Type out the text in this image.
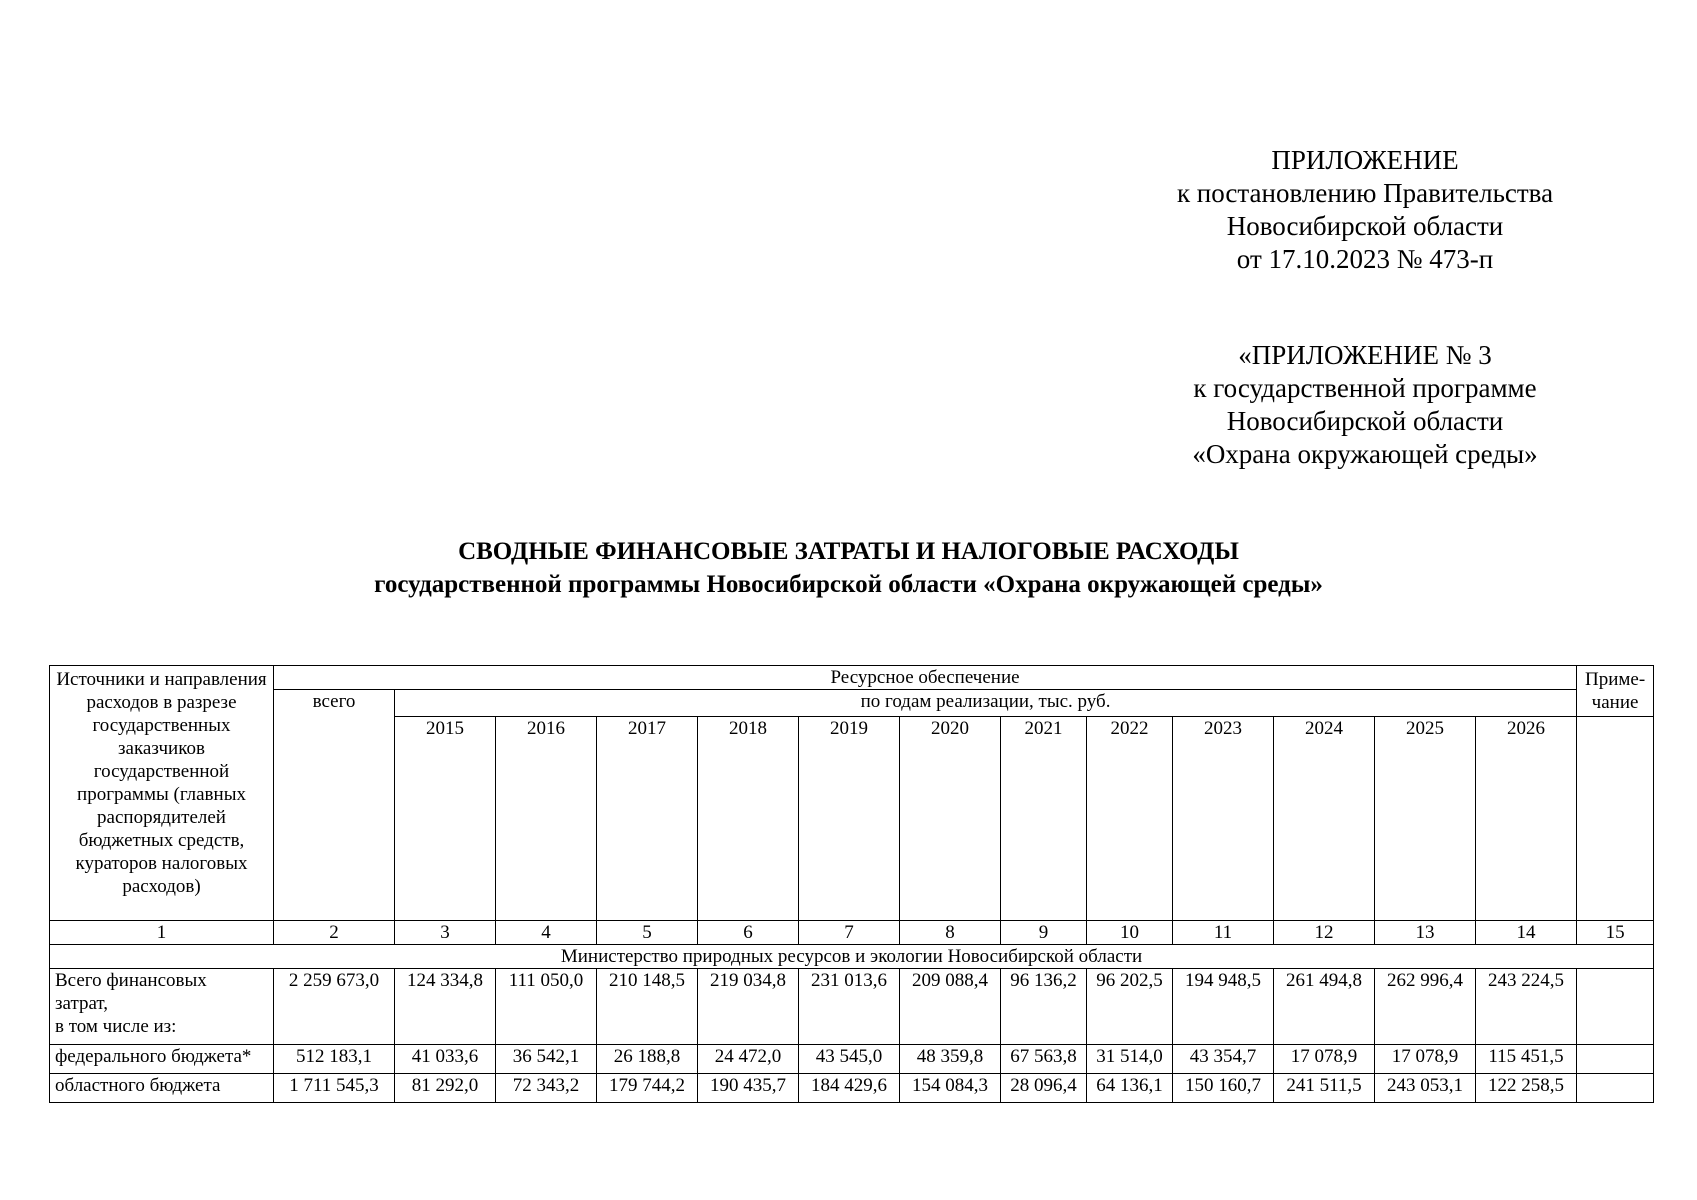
ПРИЛОЖЕНИЕ
к постановлению Правительства
Новосибирской области
от 17.10.2023 № 473-п
«ПРИЛОЖЕНИЕ № 3
к государственной программе
Новосибирской области
«Охрана окружающей среды»
СВОДНЫЕ ФИНАНСОВЫЕ ЗАТРАТЫ И НАЛОГОВЫЕ РАСХОДЫ
государственной программы Новосибирской области «Охрана окружающей среды»
Источники и направления расходов в разрезе государственных заказчиков государственной программы (главных распорядителей бюджетных средств, кураторов налоговых расходов)	Ресурсное обеспечение													Приме- чание
	всего	по годам реализации, тыс. руб.												
		2015	2016	2017	2018	2019	2020	2021	2022	2023	2024	2025	2026	
1	2	3	4	5	6	7	8	9	10	11	12	13	14	15
Министерство природных ресурсов и экологии Новосибирской области														

Всего финансовых
затрат,
в том числе из:	2 259 673,0	124 334,8	111 050,0	210 148,5	219 034,8	231 013,6	209 088,4	96 136,2	96 202,5	194 948,5	261 494,8	262 996,4	243 224,5	
федерального бюджета*	512 183,1	41 033,6	36 542,1	26 188,8	24 472,0	43 545,0	48 359,8	67 563,8	31 514,0	43 354,7	17 078,9	17 078,9	115 451,5	
областного бюджета	1 711 545,3	81 292,0	72 343,2	179 744,2	190 435,7	184 429,6	154 084,3	28 096,4	64 136,1	150 160,7	241 511,5	243 053,1	122 258,5	
